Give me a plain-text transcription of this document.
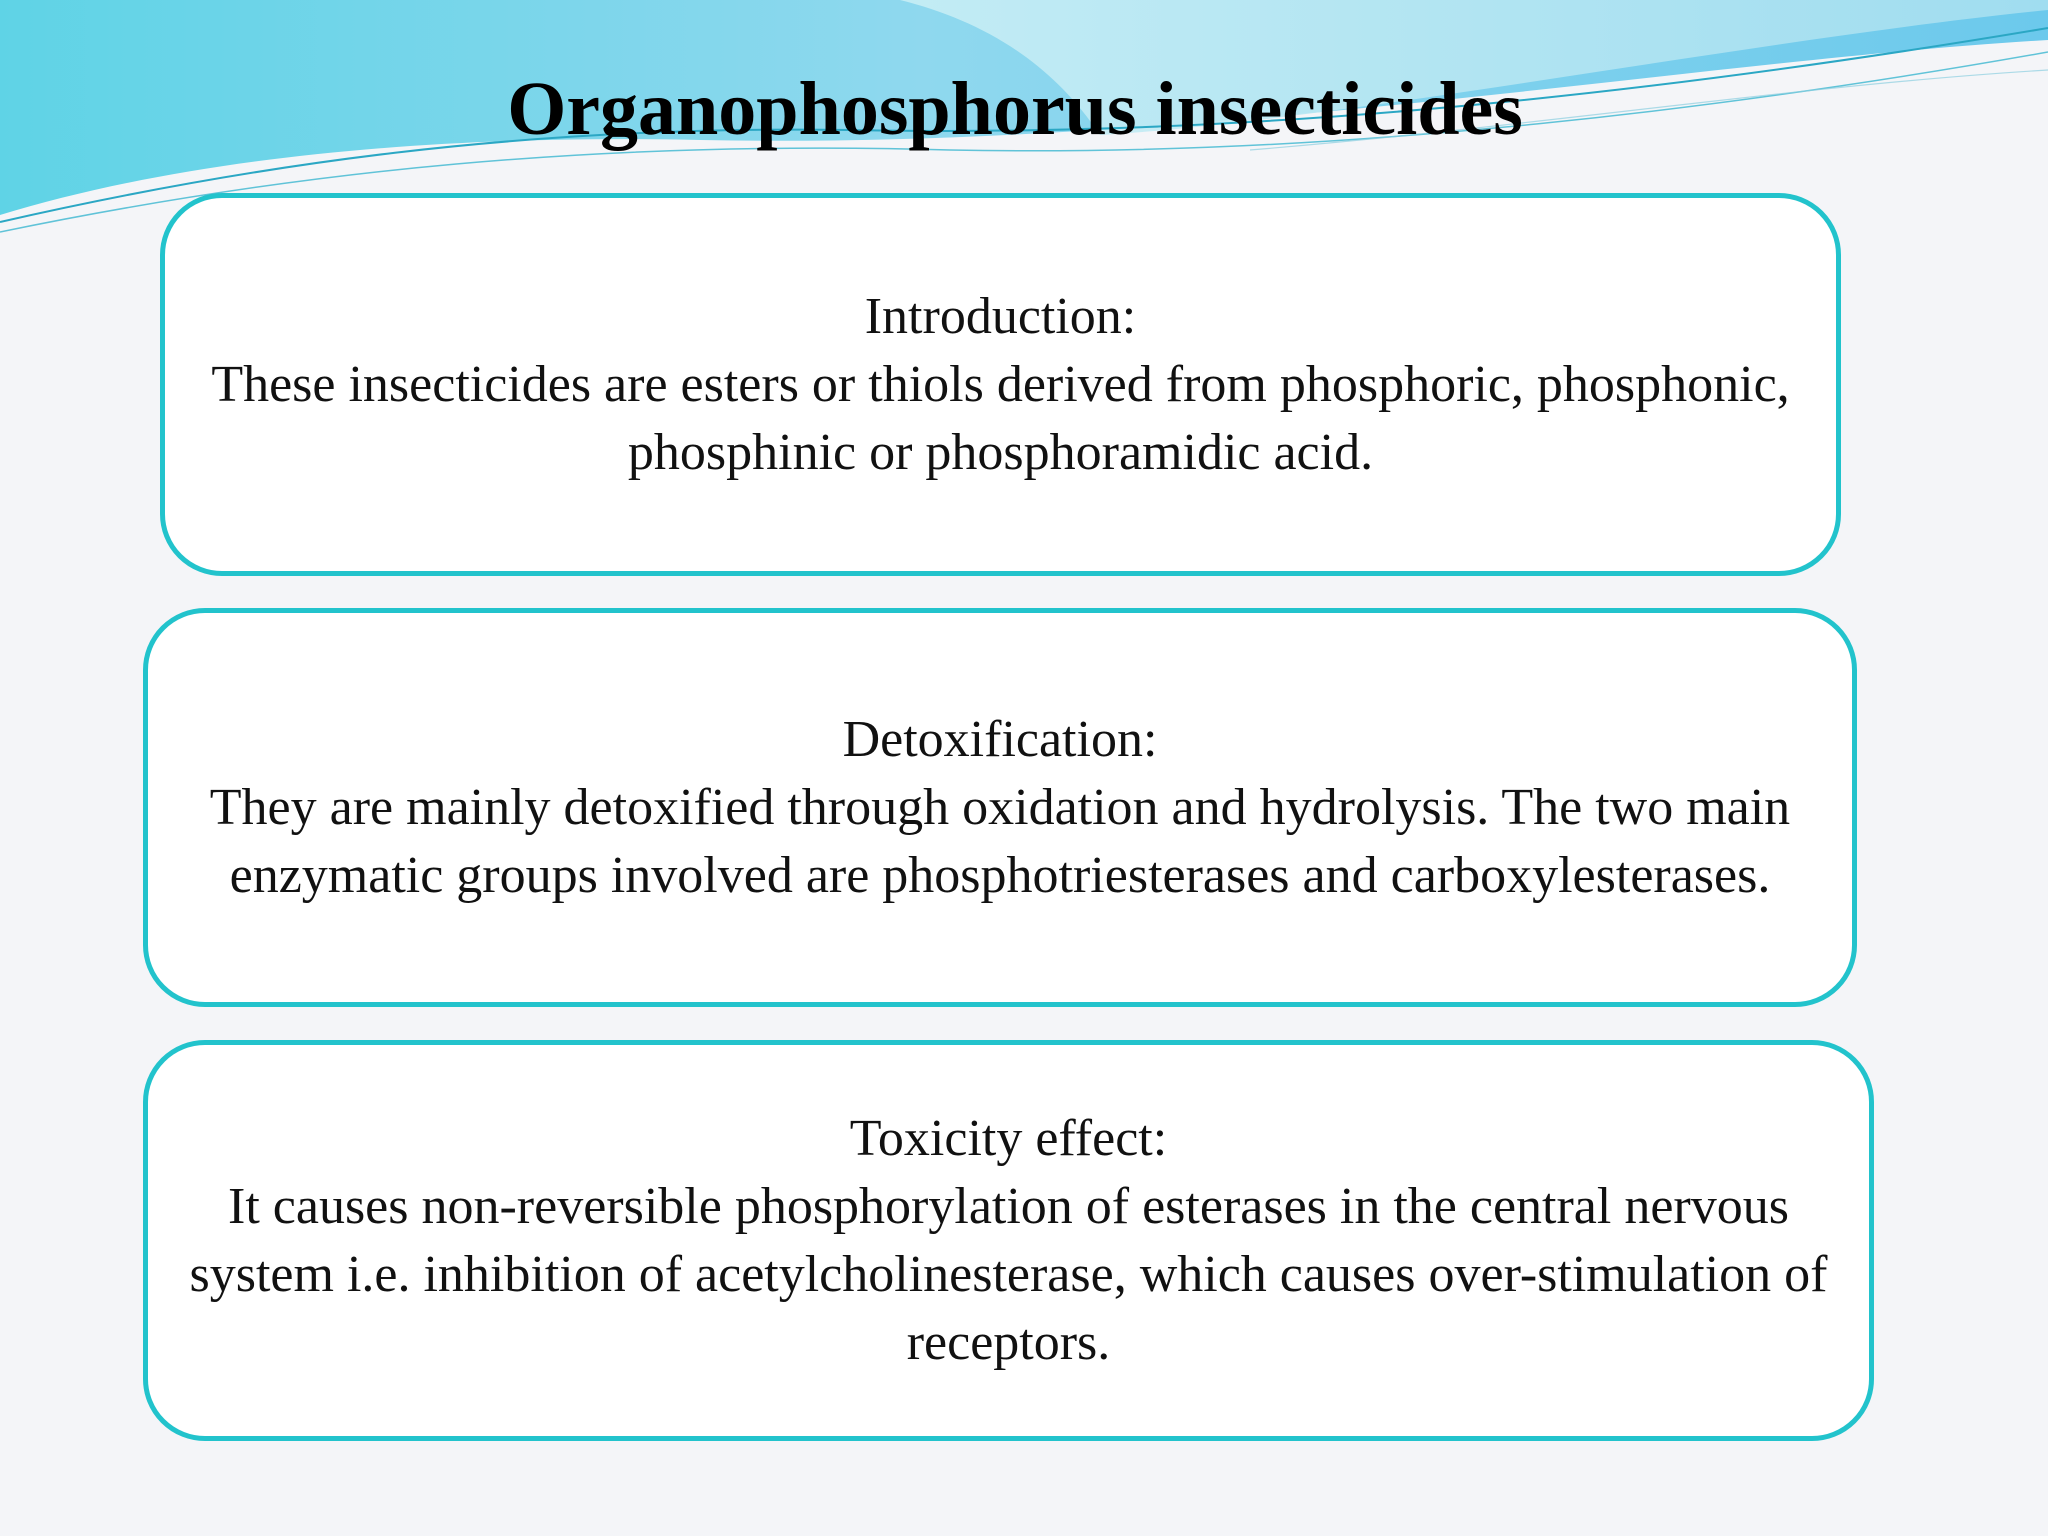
Organophosphorus insecticides
Introduction:
These insecticides are esters or thiols derived from phosphoric, phosphonic, phosphinic or phosphoramidic acid.
Detoxification:
They are mainly detoxified through oxidation and hydrolysis. The two main enzymatic groups involved are phosphotriesterases and carboxylesterases.
Toxicity effect:
It causes non-reversible phosphorylation of esterases in the central nervous system i.e. inhibition of acetylcholinesterase, which causes over-stimulation of receptors.
